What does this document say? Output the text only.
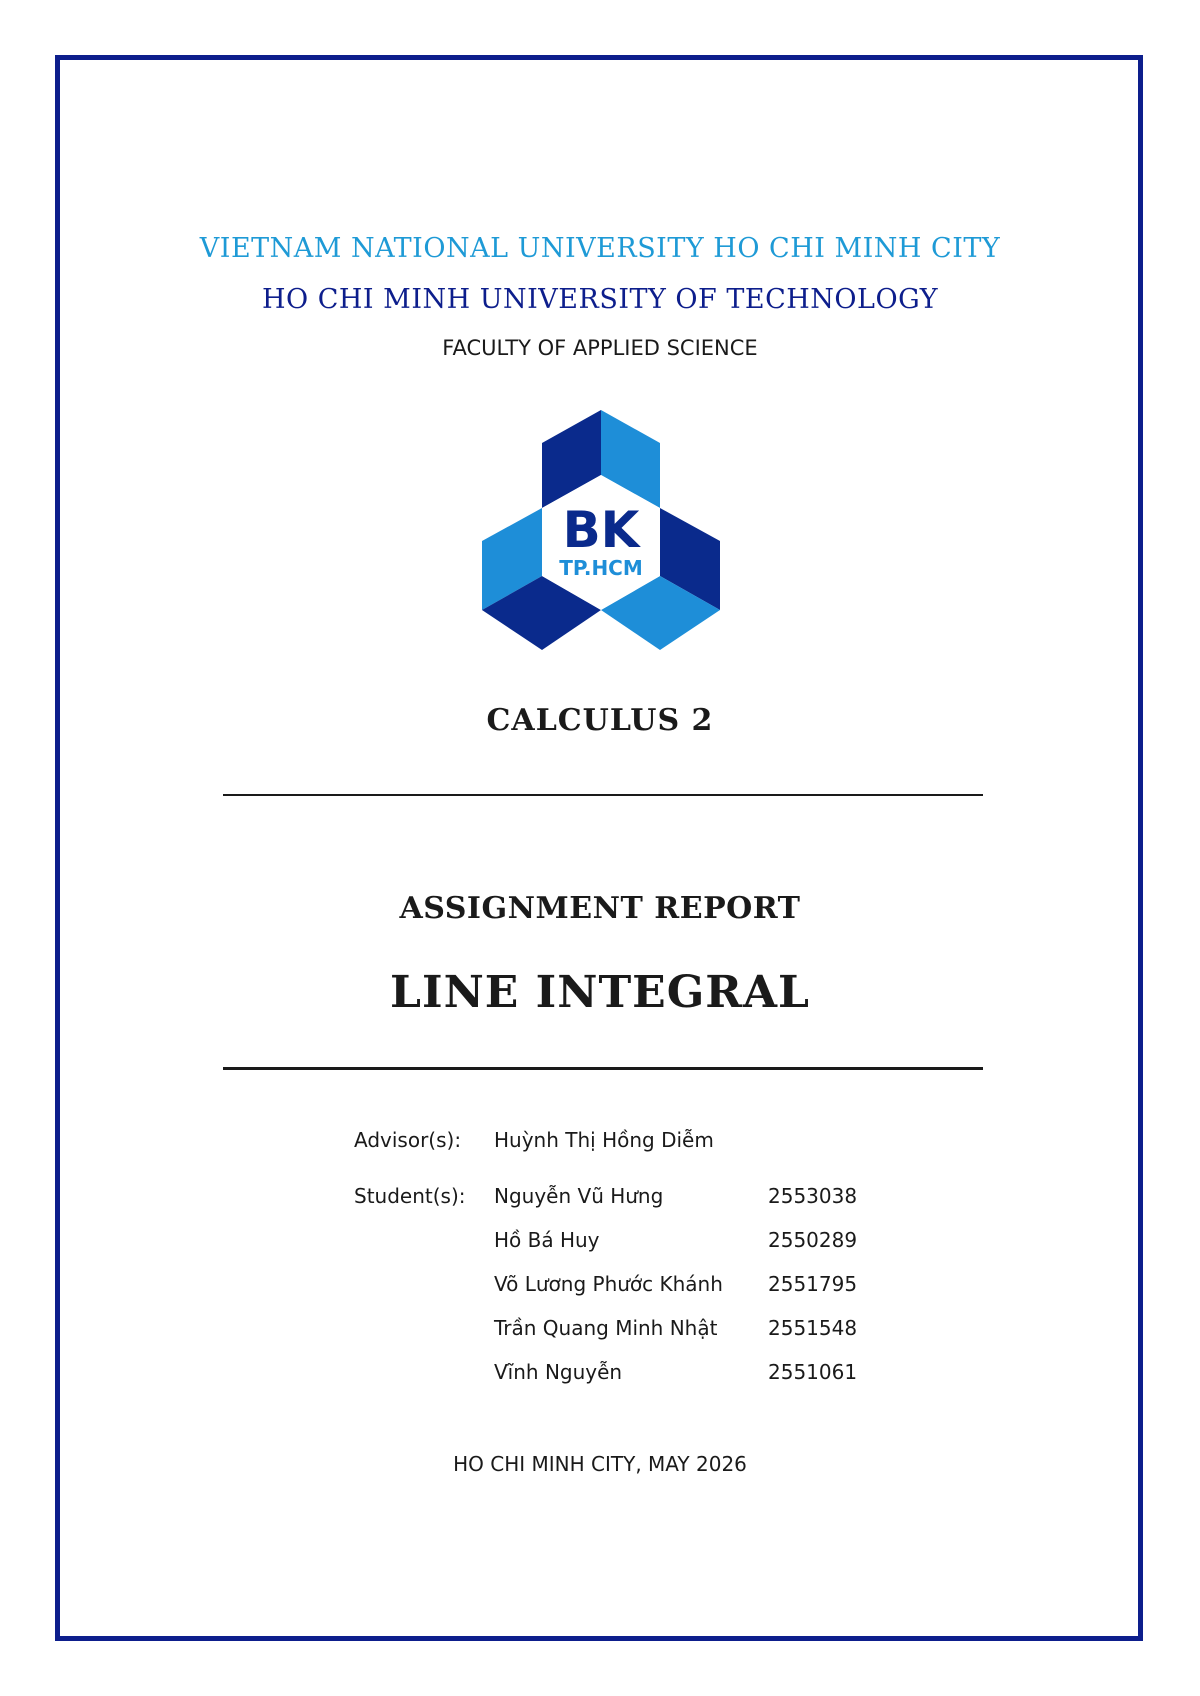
VIETNAM NATIONAL UNIVERSITY HO CHI MINH CITY
HO CHI MINH UNIVERSITY OF TECHNOLOGY
FACULTY OF APPLIED SCIENCE
BK
TP.HCM
CALCULUS 2
ASSIGNMENT REPORT
LINE INTEGRAL
Advisor(s): Huỳnh Thị Hồng Diễm
Student(s): Nguyễn Vũ Hưng	2553038
Hồ Bá Huy	2550289
Võ Lương Phước Khánh 2551795
Trần Quang Minh Nhật	2551548
Vĩnh Nguyễn	2551061
HO CHI MINH CITY, MAY 2026
